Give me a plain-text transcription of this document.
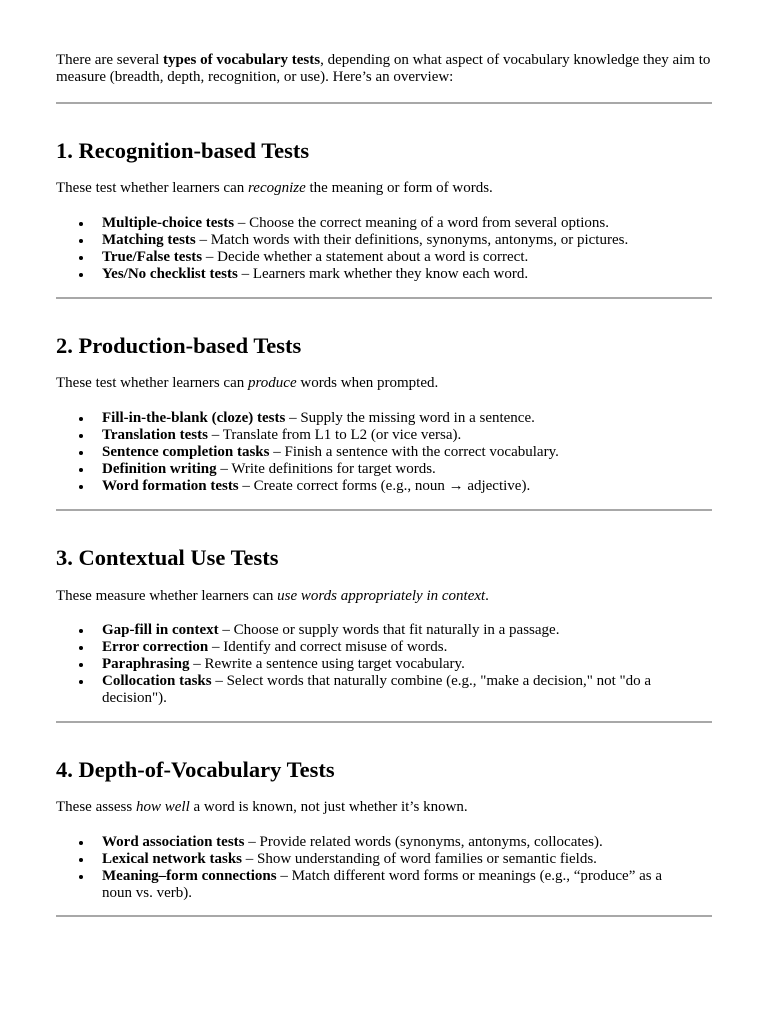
There are several types of vocabulary tests, depending on what aspect of vocabulary knowledge they aim to measure (breadth, depth, recognition, or use). Here’s an overview:

1. Recognition-based Tests

These test whether learners can recognize the meaning or form of words.

Multiple-choice tests – Choose the correct meaning of a word from several options.
Matching tests – Match words with their definitions, synonyms, antonyms, or pictures.
True/False tests – Decide whether a statement about a word is correct.
Yes/No checklist tests – Learners mark whether they know each word.
2. Production-based Tests

These test whether learners can produce words when prompted.

Fill-in-the-blank (cloze) tests – Supply the missing word in a sentence.
Translation tests – Translate from L1 to L2 (or vice versa).
Sentence completion tasks – Finish a sentence with the correct vocabulary.
Definition writing – Write definitions for target words.
Word formation tests – Create correct forms (e.g., noun → adjective).
3. Contextual Use Tests

These measure whether learners can use words appropriately in context.

Gap-fill in context – Choose or supply words that fit naturally in a passage.
Error correction – Identify and correct misuse of words.
Paraphrasing – Rewrite a sentence using target vocabulary.
Collocation tasks – Select words that naturally combine (e.g., "make a decision," not "do a decision").
4. Depth-of-Vocabulary Tests

These assess how well a word is known, not just whether it’s known.

Word association tests – Provide related words (synonyms, antonyms, collocates).
Lexical network tasks – Show understanding of word families or semantic fields.
Meaning–form connections – Match different word forms or meanings (e.g., “produce” as a noun vs. verb).
